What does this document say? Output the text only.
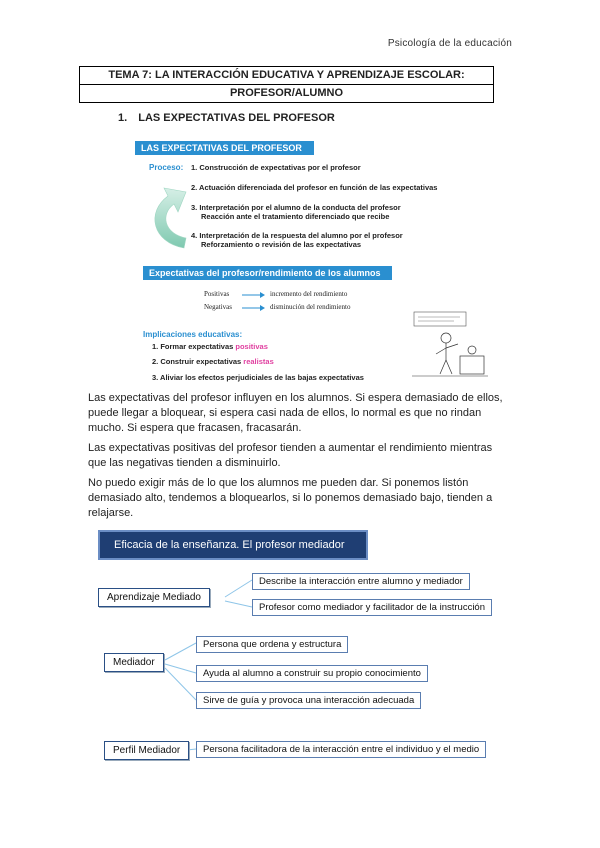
Psicología de la educación
TEMA 7: LA INTERACCIÓN EDUCATIVA Y APRENDIZAJE ESCOLAR:
PROFESOR/ALUMNO
1. LAS EXPECTATIVAS DEL PROFESOR
LAS EXPECTATIVAS DEL PROFESOR
Proceso: 1. Construcción de expectativas por el profesor
2. Actuación diferenciada del profesor en función de las expectativas
3. Interpretación por el alumno de la conducta del profesor
Reacción ante el tratamiento diferenciado que recibe
4. Interpretación de la respuesta del alumno por el profesor
Reforzamiento o revisión de las expectativas
Expectativas del profesor/rendimiento de los alumnos
Positivas	incremento del rendimiento
Negativas	disminución del rendimiento
Implicaciones educativas:
1. Formar expectativas positivas
2. Construir expectativas realistas
3. Aliviar los efectos perjudiciales de las bajas expectativas

Las expectativas del profesor influyen en los alumnos. Si espera demasiado de ellos, puede llegar a bloquear, si espera casi nada de ellos, lo normal es que no rindan mucho. Si espera que fracasen, fracasarán.

Las expectativas positivas del profesor tienden a aumentar el rendimiento mientras que las negativas tienden a disminuirlo.

No puedo exigir más de lo que los alumnos me pueden dar. Si ponemos listón demasiado alto, tendemos a bloquearlos, si lo ponemos demasiado bajo, tienden a relajarse.

Eficacia de la enseñanza. El profesor mediador
Aprendizaje Mediado
Describe la interacción entre alumno y mediador
Profesor como mediador y facilitador de la instrucción
Mediador
Persona que ordena y estructura
Ayuda al alumno a construir su propio conocimiento
Sirve de guía y provoca una interacción adecuada
Perfil Mediador	Persona facilitadora de la interacción entre el individuo y el medio
